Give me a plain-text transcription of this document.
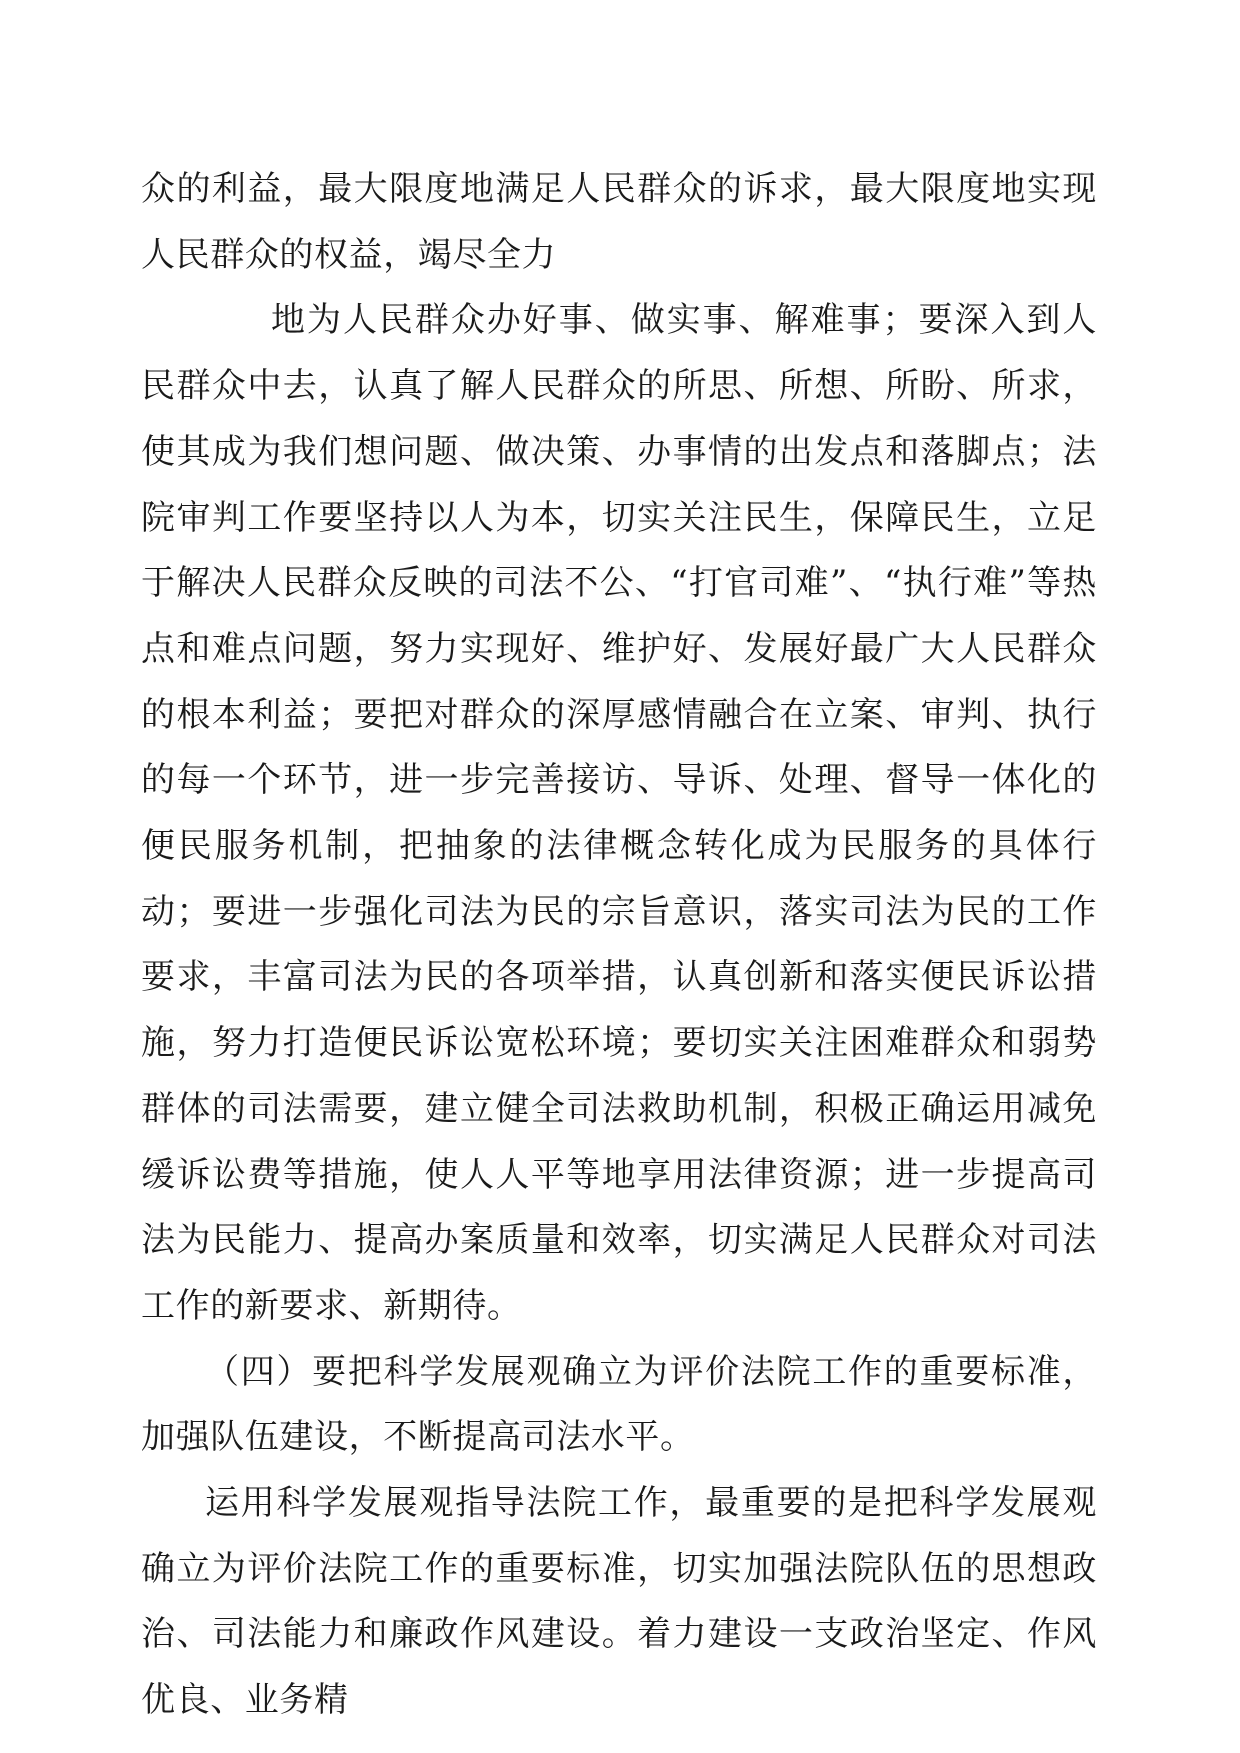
众的利益，最大限度地满足人民群众的诉求，最大限度地实现人民群众的权益，竭尽全力

地为人民群众办好事、做实事、解难事；要深入到人民群众中去，认真了解人民群众的所思、所想、所盼、所求，使其成为我们想问题、做决策、办事情的出发点和落脚点；法院审判工作要坚持以人为本，切实关注民生，保障民生，立足于解决人民群众反映的司法不公、“打官司难”、“执行难”等热点和难点问题，努力实现好、维护好、发展好最广大人民群众的根本利益；要把对群众的深厚感情融合在立案、审判、执行的每一个环节，进一步完善接访、导诉、处理、督导一体化的便民服务机制，把抽象的法律概念转化成为民服务的具体行动；要进一步强化司法为民的宗旨意识，落实司法为民的工作要求，丰富司法为民的各项举措，认真创新和落实便民诉讼措施，努力打造便民诉讼宽松环境；要切实关注困难群众和弱势群体的司法需要，建立健全司法救助机制，积极正确运用减免缓诉讼费等措施，使人人平等地享用法律资源；进一步提高司法为民能力、提高办案质量和效率，切实满足人民群众对司法工作的新要求、新期待。

（四）要把科学发展观确立为评价法院工作的重要标准，加强队伍建设，不断提高司法水平。

运用科学发展观指导法院工作，最重要的是把科学发展观确立为评价法院工作的重要标准，切实加强法院队伍的思想政治、司法能力和廉政作风建设。着力建设一支政治坚定、作风优良、业务精
